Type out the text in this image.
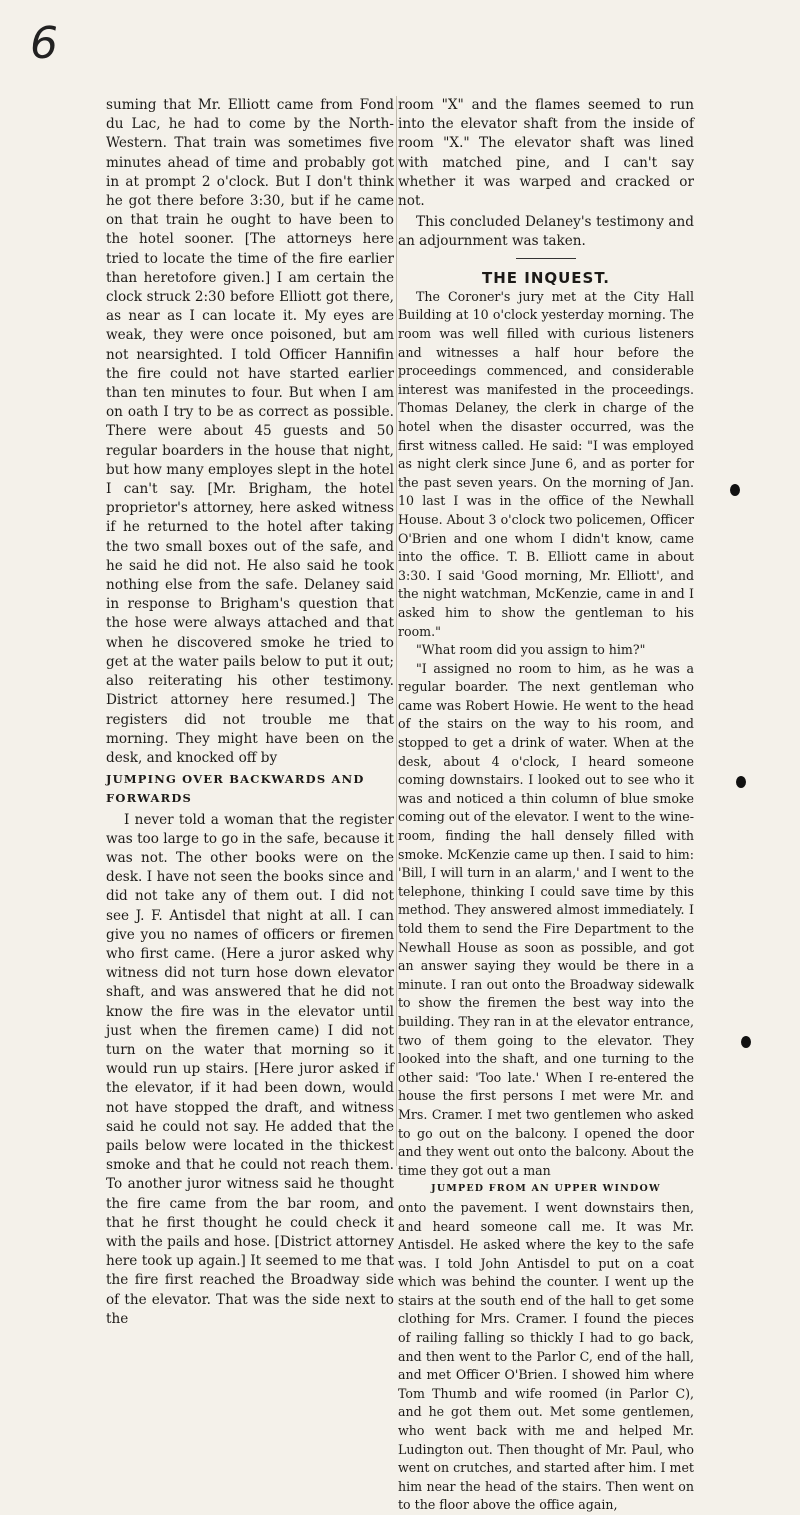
6

suming that Mr. Elliott came from Fond du Lac, he had to come by the North-Western. That train was sometimes five minutes ahead of time and probably got in at prompt 2 o'clock. But I don't think he got there before 3:30, but if he came on that train he ought to have been to the hotel sooner. [The attorneys here tried to locate the time of the fire earlier than heretofore given.] I am certain the clock struck 2:30 before Elliott got there, as near as I can locate it. My eyes are weak, they were once poisoned, but am not nearsighted. I told Officer Hannifin the fire could not have started earlier than ten minutes to four. But when I am on oath I try to be as correct as possible. There were about 45 guests and 50 regular boarders in the house that night, but how many employes slept in the hotel I can't say. [Mr. Brigham, the hotel proprietor's attorney, here asked witness if he returned to the hotel after taking the two small boxes out of the safe, and he said he did not. He also said he took nothing else from the safe. Delaney said in response to Brigham's question that the hose were always attached and that when he discovered smoke he tried to get at the water pails below to put it out; also reiterating his other testimony. District attorney here resumed.] The registers did not trouble me that morning. They might have been on the desk, and knocked off by

JUMPING OVER BACKWARDS AND FORWARDS

I never told a woman that the register was too large to go in the safe, because it was not. The other books were on the desk. I have not seen the books since and did not take any of them out. I did not see J. F. Antisdel that night at all. I can give you no names of officers or firemen who first came. (Here a juror asked why witness did not turn hose down elevator shaft, and was answered that he did not know the fire was in the elevator until just when the firemen came) I did not turn on the water that morning so it would run up stairs. [Here juror asked if the elevator, if it had been down, would not have stopped the draft, and witness said he could not say. He added that the pails below were located in the thickest smoke and that he could not reach them. To another juror witness said he thought the fire came from the bar room, and that he first thought he could check it with the pails and hose. [District attorney here took up again.] It seemed to me that the fire first reached the Broadway side of the elevator. That was the side next to the

room "X" and the flames seemed to run into the elevator shaft from the inside of room "X." The elevator shaft was lined with matched pine, and I can't say whether it was warped and cracked or not.

This concluded Delaney's testimony and an adjournment was taken.

THE INQUEST.

The Coroner's jury met at the City Hall Building at 10 o'clock yesterday morning. The room was well filled with curious listeners and witnesses a half hour before the proceedings commenced, and considerable interest was manifested in the proceedings. Thomas Delaney, the clerk in charge of the hotel when the disaster occurred, was the first witness called. He said: "I was employed as night clerk since June 6, and as porter for the past seven years. On the morning of Jan. 10 last I was in the office of the Newhall House. About 3 o'clock two policemen, Officer O'Brien and one whom I didn't know, came into the office. T. B. Elliott came in about 3:30. I said 'Good morning, Mr. Elliott', and the night watchman, McKenzie, came in and I asked him to show the gentleman to his room."

"What room did you assign to him?"

"I assigned no room to him, as he was a regular boarder. The next gentleman who came was Robert Howie. He went to the head of the stairs on the way to his room, and stopped to get a drink of water. When at the desk, about 4 o'clock, I heard someone coming downstairs. I looked out to see who it was and noticed a thin column of blue smoke coming out of the elevator. I went to the wine-room, finding the hall densely filled with smoke. McKenzie came up then. I said to him: 'Bill, I will turn in an alarm,' and I went to the telephone, thinking I could save time by this method. They answered almost immediately. I told them to send the Fire Department to the Newhall House as soon as possible, and got an answer saying they would be there in a minute. I ran out onto the Broadway sidewalk to show the firemen the best way into the building. They ran in at the elevator entrance, two of them going to the elevator. They looked into the shaft, and one turning to the other said: 'Too late.' When I re-entered the house the first persons I met were Mr. and Mrs. Cramer. I met two gentlemen who asked to go out on the balcony. I opened the door and they went out onto the balcony. About the time they got out a man

JUMPED FROM AN UPPER WINDOW

onto the pavement. I went downstairs then, and heard someone call me. It was Mr. Antisdel. He asked where the key to the safe was. I told John Antisdel to put on a coat which was behind the counter. I went up the stairs at the south end of the hall to get some clothing for Mrs. Cramer. I found the pieces of railing falling so thickly I had to go back, and then went to the Parlor C, end of the hall, and met Officer O'Brien. I showed him where Tom Thumb and wife roomed (in Parlor C), and he got them out. Met some gentlemen, who went back with me and helped Mr. Ludington out. Then thought of Mr. Paul, who went on crutches, and started after him. I met him near the head of the stairs. Then went on to the floor above the office again,
